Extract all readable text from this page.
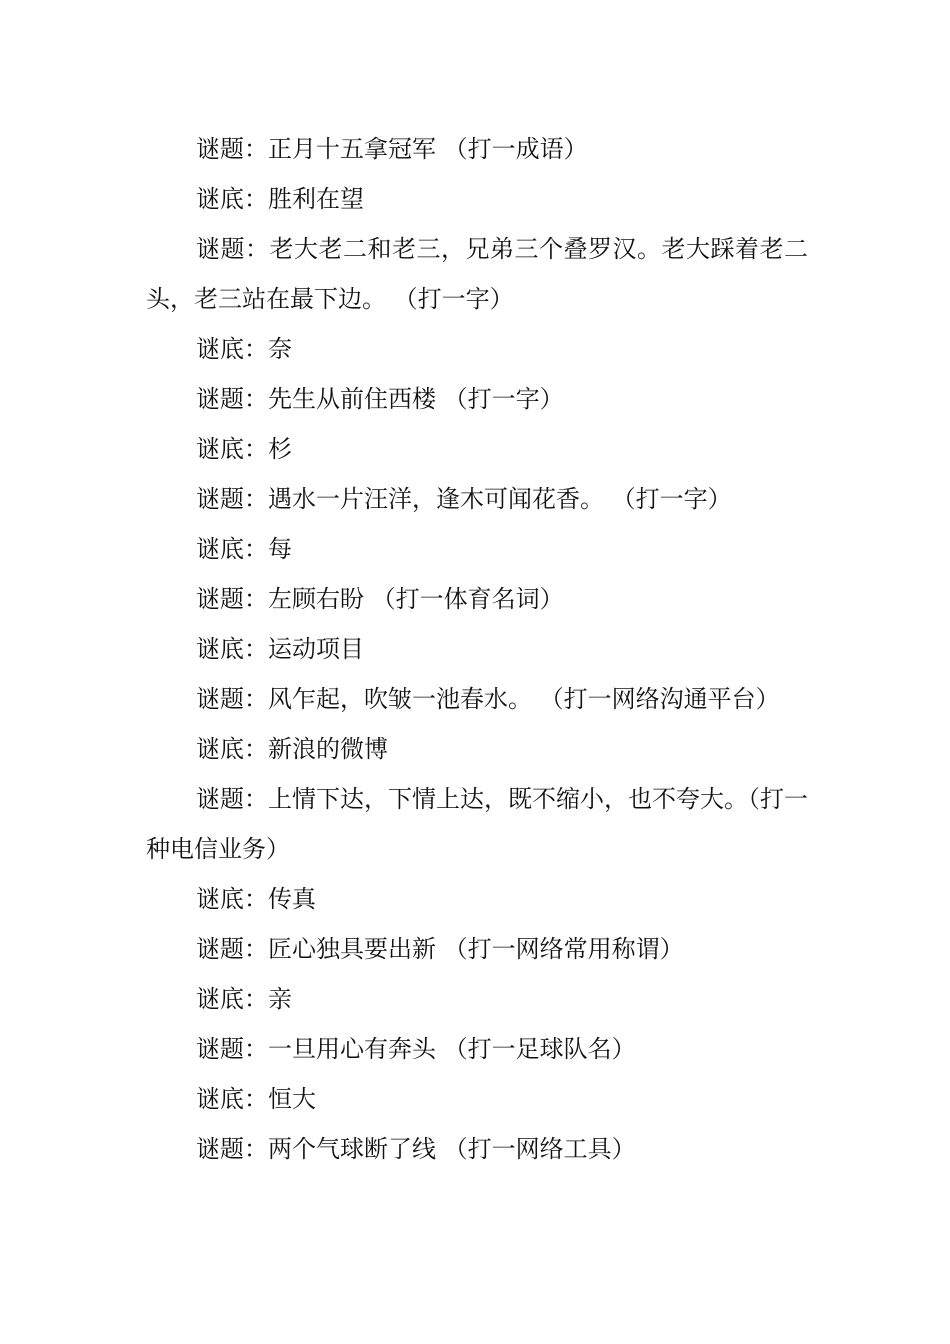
谜题：正月十五拿冠军 （打一成语）

谜底：胜利在望

谜题：老大老二和老三，兄弟三个叠罗汉。老大踩着老二头，老三站在最下边。 （打一字）

谜底：奈

谜题：先生从前住西楼 （打一字）

谜底：杉

谜题：遇水一片汪洋，逢木可闻花香。 （打一字）

谜底：每

谜题：左顾右盼 （打一体育名词）

谜底：运动项目

谜题：风乍起，吹皱一池春水。 （打一网络沟通平台）

谜底：新浪的微博

谜题：上情下达，下情上达，既不缩小，也不夸大。（打一种电信业务）

谜底：传真

谜题：匠心独具要出新 （打一网络常用称谓）

谜底：亲

谜题：一旦用心有奔头 （打一足球队名）

谜底：恒大

谜题：两个气球断了线 （打一网络工具）
